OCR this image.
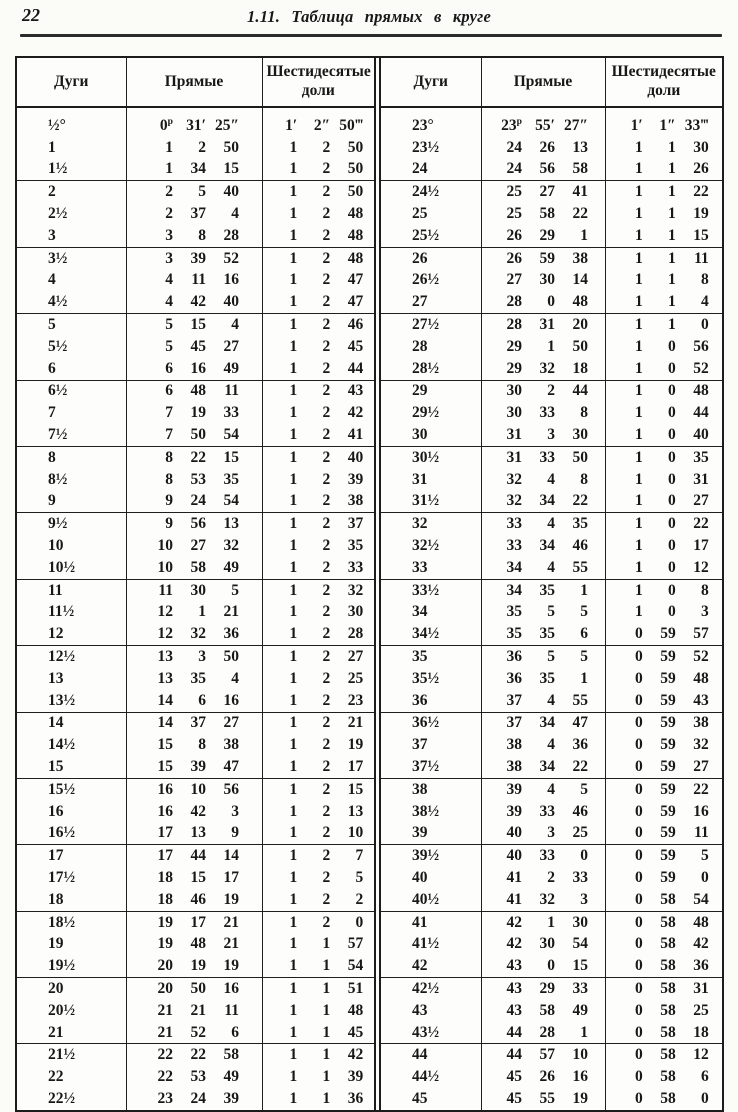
22	1.11. Таблица прямых в круге
Дуги	Прямые	Шестидесятые доли
½°	0$^p$ 31′ 25″	1′ 2″ 50‴

1	1 2 50	1 2 50

1½	1 34 15	1 2 50

2	2 5 40	1 2 50

2½	2 37 4	1 2 48

3	3 8 28	1 2 48

3½	3 39 52	1 2 48

4	4 11 16	1 2 47

4½	4 42 40	1 2 47

5	5 15 4	1 2 46

5½	5 45 27	1 2 45

6	6 16 49	1 2 44

6½	6 48 11	1 2 43

7	7 19 33	1 2 42

7½	7 50 54	1 2 41

8	8 22 15	1 2 40

8½	8 53 35	1 2 39

9	9 24 54	1 2 38

9½	9 56 13	1 2 37

10	10 27 32	1 2 35

10½	10 58 49	1 2 33

11	11 30 5	1 2 32

11½	12 1 21	1 2 30

12	12 32 36	1 2 28

12½	13 3 50	1 2 27

13	13 35 4	1 2 25

13½	14 6 16	1 2 23

14	14 37 27	1 2 21

14½	15 8 38	1 2 19

15	15 39 47	1 2 17

15½	16 10 56	1 2 15

16	16 42 3	1 2 13

16½	17 13 9	1 2 10

17	17 44 14	1 2 7

17½	18 15 17	1 2 5

18	18 46 19	1 2 2

18½	19 17 21	1 2 0

19	19 48 21	1 1 57

19½	20 19 19	1 1 54

20	20 50 16	1 1 51

20½	21 21 11	1 1 48

21	21 52 6	1 1 45

21½	22 22 58	1 1 42

22	22 53 49	1 1 39

22½	23 24 39	1 1 36
Дуги	Прямые	Шестидесятые доли
23°	23$^p$ 55′ 27″	1′ 1″ 33‴

23½	24 26 13	1 1 30

24	24 56 58	1 1 26

24½	25 27 41	1 1 22

25	25 58 22	1 1 19

25½	26 29 1	1 1 15

26	26 59 38	1 1 11

26½	27 30 14	1 1 8

27	28 0 48	1 1 4

27½	28 31 20	1 1 0

28	29 1 50	1 0 56

28½	29 32 18	1 0 52

29	30 2 44	1 0 48

29½	30 33 8	1 0 44

30	31 3 30	1 0 40

30½	31 33 50	1 0 35

31	32 4 8	1 0 31

31½	32 34 22	1 0 27

32	33 4 35	1 0 22

32½	33 34 46	1 0 17

33	34 4 55	1 0 12

33½	34 35 1	1 0 8

34	35 5 5	1 0 3

34½	35 35 6	0 59 57

35	36 5 5	0 59 52

35½	36 35 1	0 59 48

36	37 4 55	0 59 43

36½	37 34 47	0 59 38

37	38 4 36	0 59 32

37½	38 34 22	0 59 27

38	39 4 5	0 59 22

38½	39 33 46	0 59 16

39	40 3 25	0 59 11

39½	40 33 0	0 59 5

40	41 2 33	0 59 0

40½	41 32 3	0 58 54

41	42 1 30	0 58 48

41½	42 30 54	0 58 42

42	43 0 15	0 58 36

42½	43 29 33	0 58 31

43	43 58 49	0 58 25

43½	44 28 1	0 58 18

44	44 57 10	0 58 12

44½	45 26 16	0 58 6

45	45 55 19	0 58 0
